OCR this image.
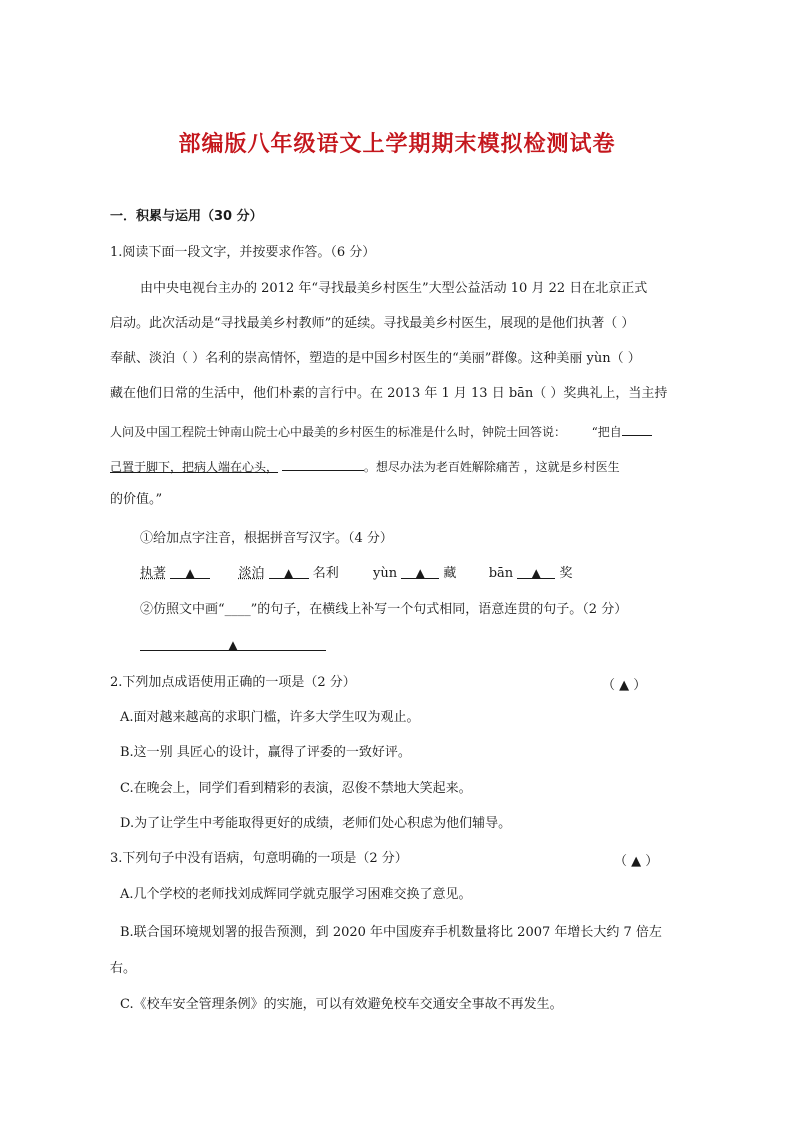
部编版八年级语文上学期期末模拟检测试卷
一．积累与运用（30 分）
1.阅读下面一段文字，并按要求作答。（6 分）
由中央电视台主办的 2012 年“寻找最美乡村医生”大型公益活动 10 月 22 日在北京正式
启动。此次活动是“寻找最美乡村教师”的延续。寻找最美乡村医生，展现的是他们执著（ ）
奉献、淡泊（ ）名利的崇高情怀，塑造的是中国乡村医生的“美丽”群像。这种美丽 yùn（ ）
藏在他们日常的生活中，他们朴素的言行中。在 2013 年 1 月 13 日 bān（ ）奖典礼上，当主持
人问及中国工程院士钟南山院士心中最美的乡村医生的标准是什么时，钟院士回答说： “把自
己置于脚下，把病人端在心头，	。想尽办法为老百姓解除痛苦 ，这就是乡村医生
的价值。”
①给加点字注音，根据拼音写汉字。（4 分）
执著 ▲	淡泊 ▲ 名利	yùn ▲ 藏 bān ▲ 奖
②仿照文中画“____”的句子，在横线上补写一个句式相同，语意连贯的句子。（2 分）
▲
2.下列加点成语使用正确的一项是（2 分）	（ ▲ ）
A.面对越来越高的求职门槛，许多大学生叹为观止。
B.这一别 具匠心的设计，赢得了评委的一致好评。
C.在晚会上，同学们看到精彩的表演，忍俊不禁地大笑起来。
D.为了让学生中考能取得更好的成绩，老师们处心积虑为他们辅导。
3.下列句子中没有语病，句意明确的一项是（2 分）	（ ▲ ）
A.几个学校的老师找刘成辉同学就克服学习困难交换了意见。
B.联合国环境规划署的报告预测，到 2020 年中国废弃手机数量将比 2007 年增长大约 7 倍左
右。
C.《校车安全管理条例》的实施，可以有效避免校车交通安全事故不再发生。
